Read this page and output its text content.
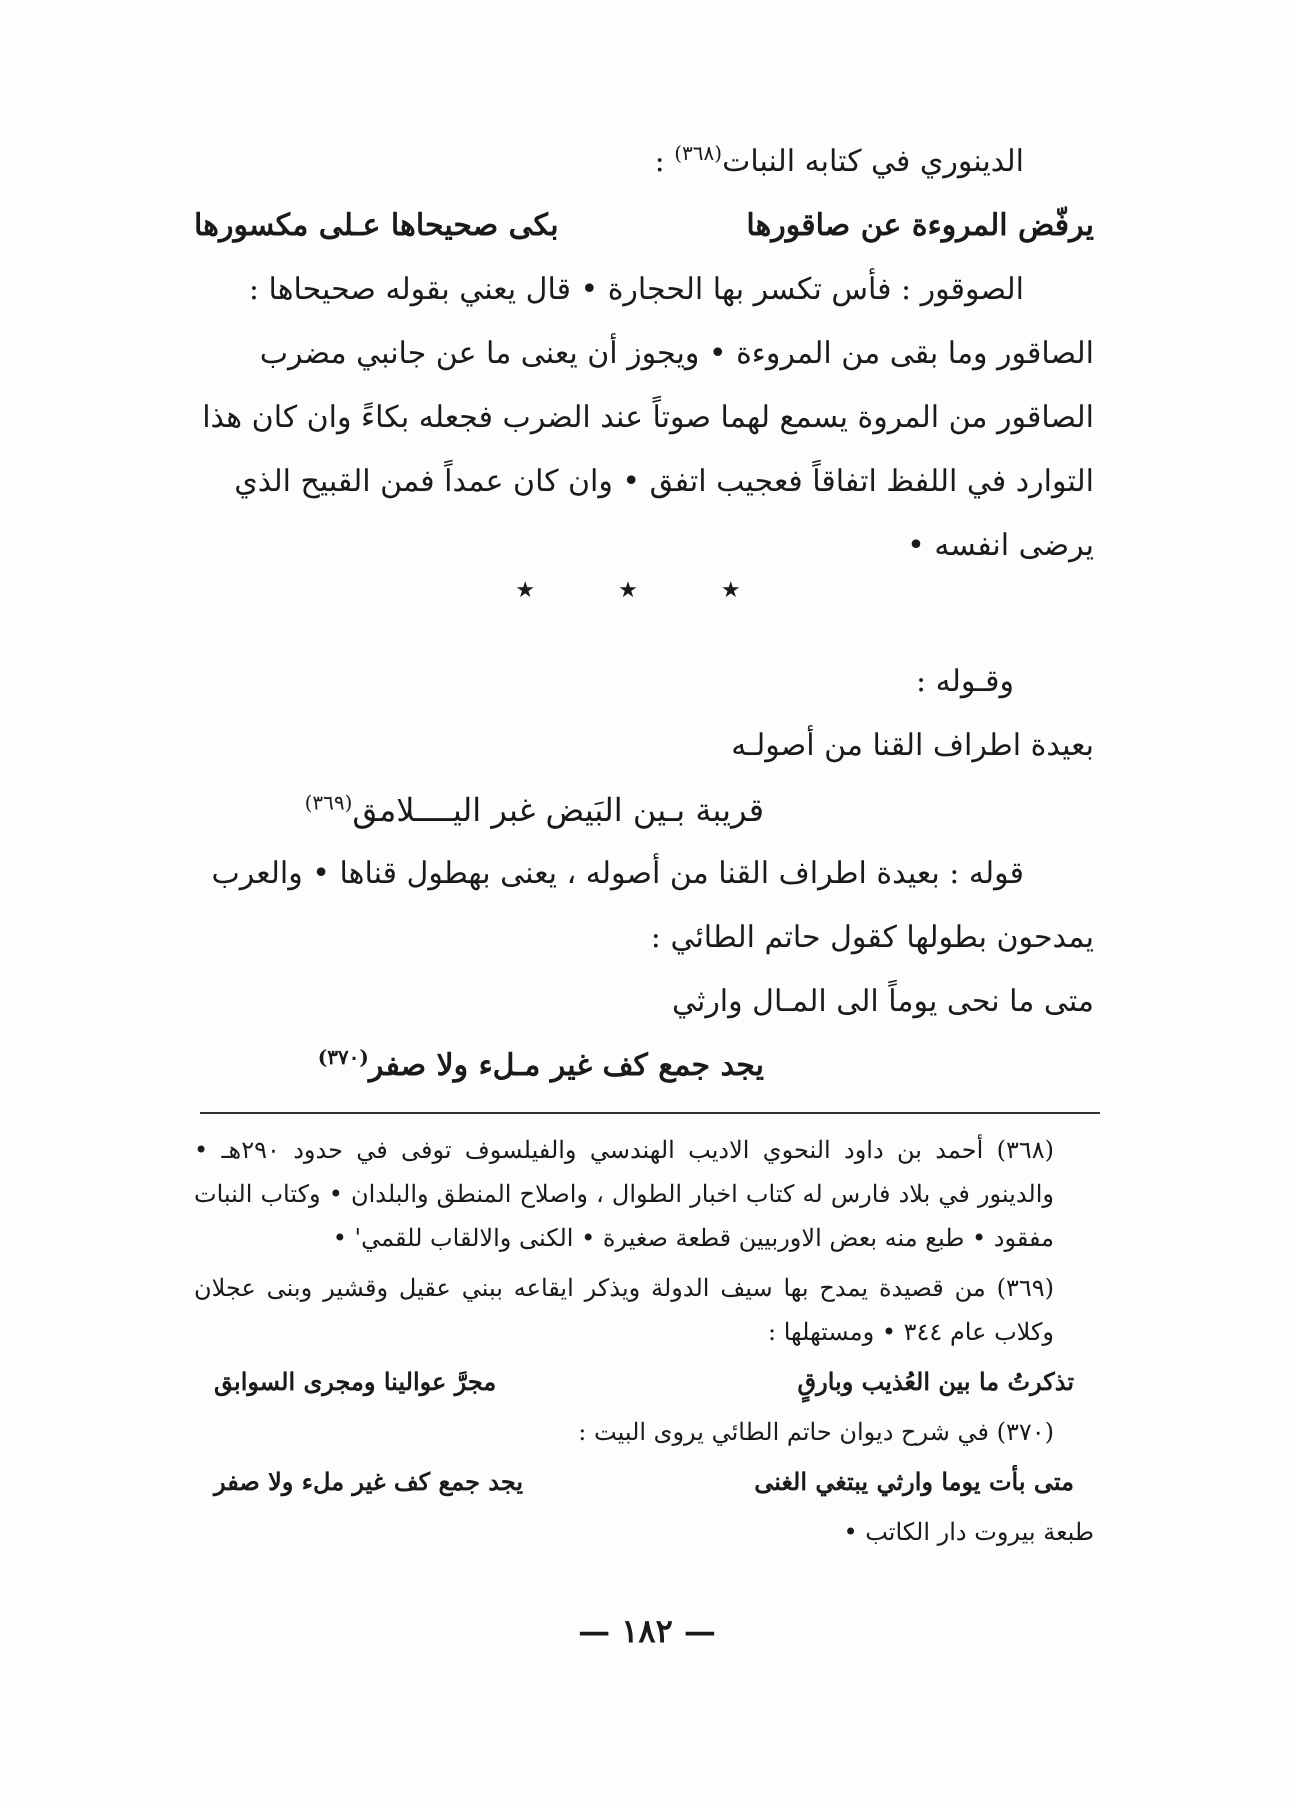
الدينوري في كتابه النبات$^{(٣٦٨)}$ :

يرفّض المروءة عن صاقورها
بكى صحيحاها عـلى مكسورها

الصوقور : فأس تكسر بها الحجارة • قال يعني بقوله صحيحاها :

الصاقور وما بقى من المروءة • ويجوز أن يعنى ما عن جانبي مضرب

الصاقور من المروة يسمع لهما صوتاً عند الضرب فجعله بكاءً وان كان هذا

التوارد في اللفظ اتفاقاً فعجيب اتفق • وان كان عمداً فمن القبيح الذي

يرضى انفسه •

★ ★ ★

وقـوله :

بعيدة اطراف القنا من أصولـه

قريبة بـين البَيض غبر اليــــلامق$^{(٣٦٩)}$

قوله : بعيدة اطراف القنا من أصوله ، يعنى بهطول قناها • والعرب

يمدحون بطولها كقول حاتم الطائي :

متى ما نحى يوماً الى المـال وارثي

يجد جمع كف غير مـلء ولا صفر$^{(٣٧٠)}$

(٣٦٨) أحمد بن داود النحوي الاديب الهندسي والفيلسوف توفى في حدود ٢٩٠هـ • والدينور في بلاد فارس له كتاب اخبار الطوال ، واصلاح المنطق والبلدان • وكتاب النبات مفقود • طبع منه بعض الاوربيين قطعة صغيرة • الكنى والالقاب للقمي' •

(٣٦٩) من قصيدة يمدح بها سيف الدولة ويذكر ايقاعه ببني عقيل وقشير وبنى عجلان وكلاب عام ٣٤٤ • ومستهلها :

تذكرتُ ما بين العُذيب وبارقٍ
مجرَّ عوالينا ومجرى السوابق

(٣٧٠) في شرح ديوان حاتم الطائي يروى البيت :

متى بأت يوما وارثي يبتغي الغنى
يجد جمع كف غير ملء ولا صفر

طبعة بيروت دار الكاتب •

— ١٨٢ —
